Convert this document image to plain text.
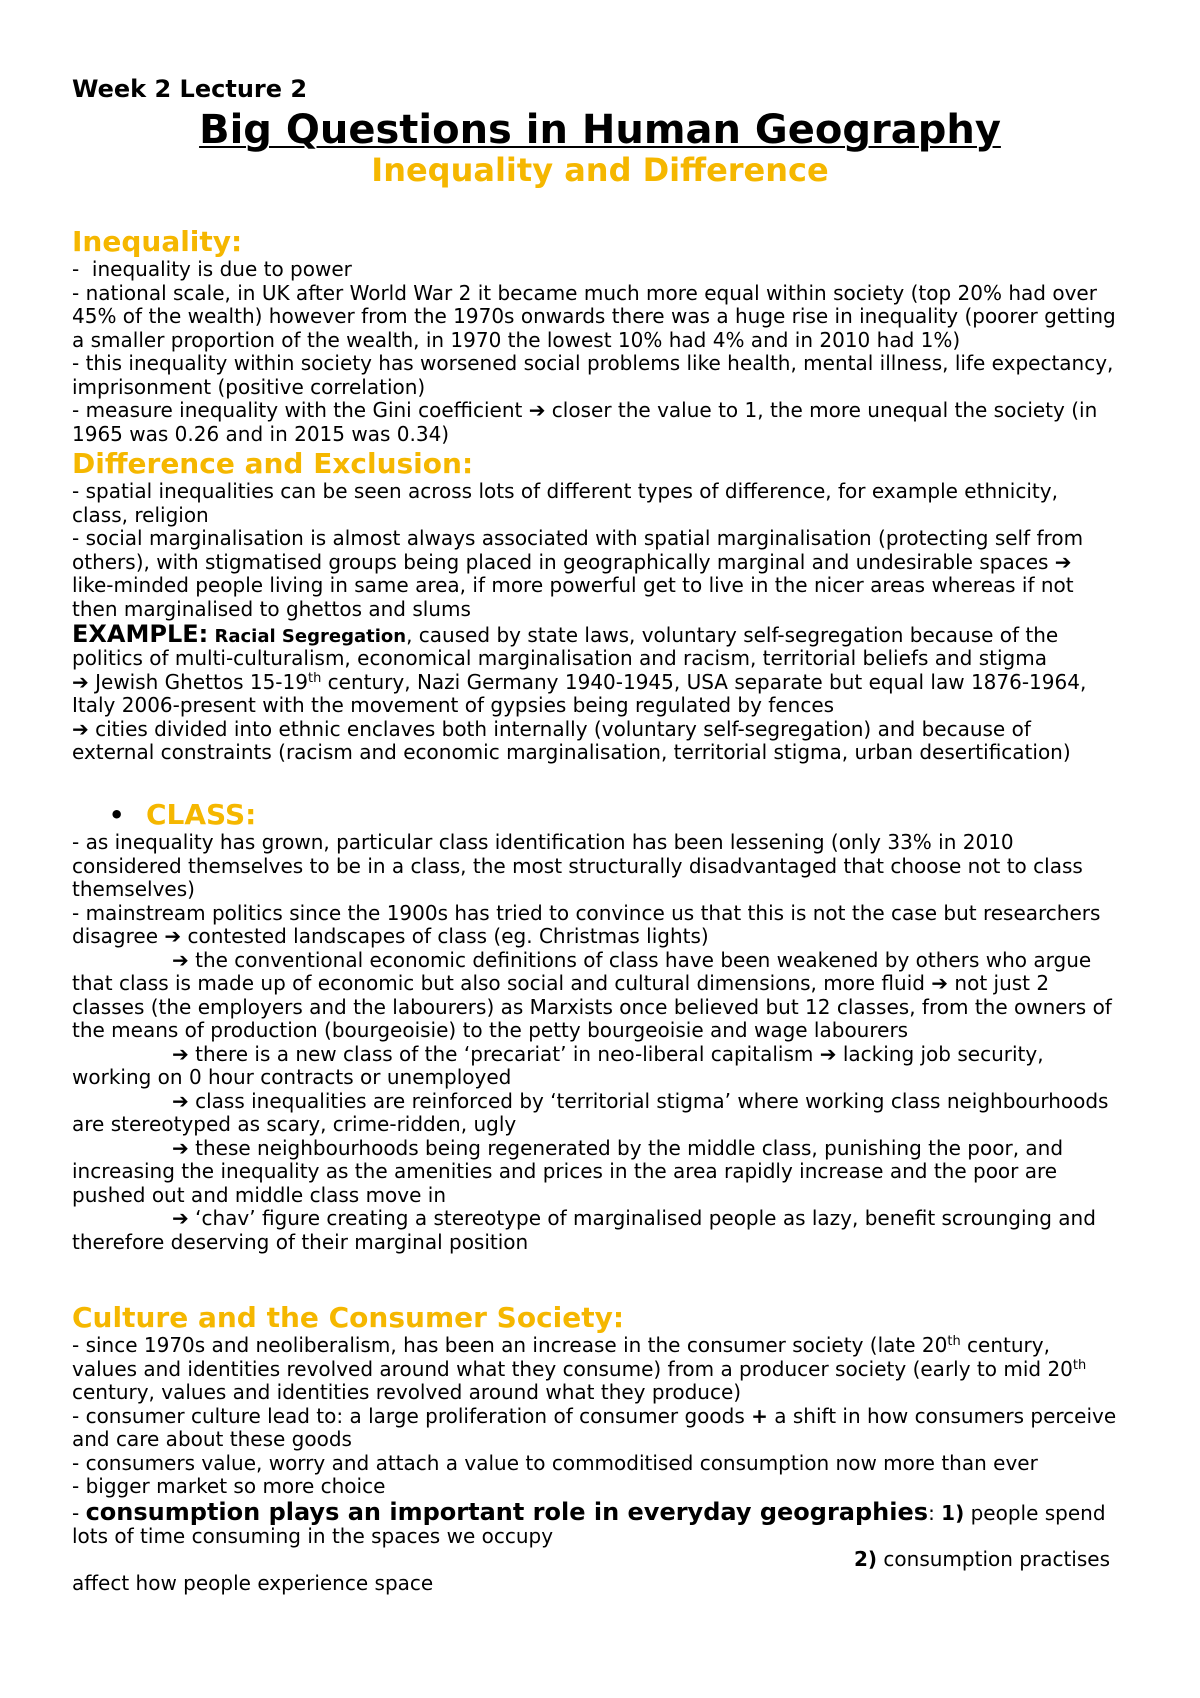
Week 2 Lecture 2
Big Questions in Human Geography
Inequality and Difference
Inequality:
-  inequality is due to power
- national scale, in UK after World War 2 it became much more equal within society (top 20% had over
45% of the wealth) however from the 1970s onwards there was a huge rise in inequality (poorer getting
a smaller proportion of the wealth, in 1970 the lowest 10% had 4% and in 2010 had 1%)
- this inequality within society has worsened social problems like health, mental illness, life expectancy,
imprisonment (positive correlation)
- measure inequality with the Gini coefficient ➔ closer the value to 1, the more unequal the society (in
1965 was 0.26 and in 2015 was 0.34)
Difference and Exclusion:
- spatial inequalities can be seen across lots of different types of difference, for example ethnicity,
class, religion
- social marginalisation is almost always associated with spatial marginalisation (protecting self from
others), with stigmatised groups being placed in geographically marginal and undesirable spaces ➔
like-minded people living in same area, if more powerful get to live in the nicer areas whereas if not
then marginalised to ghettos and slums
EXAMPLE: Racial Segregation, caused by state laws, voluntary self-segregation because of the
politics of multi-culturalism, economical marginalisation and racism, territorial beliefs and stigma
➔ Jewish Ghettos 15-19th century, Nazi Germany 1940-1945, USA separate but equal law 1876-1964,
Italy 2006-present with the movement of gypsies being regulated by fences
➔ cities divided into ethnic enclaves both internally (voluntary self-segregation) and because of
external constraints (racism and economic marginalisation, territorial stigma, urban desertification)
• CLASS:
- as inequality has grown, particular class identification has been lessening (only 33% in 2010
considered themselves to be in a class, the most structurally disadvantaged that choose not to class
themselves)
- mainstream politics since the 1900s has tried to convince us that this is not the case but researchers
disagree ➔ contested landscapes of class (eg. Christmas lights)
➔ the conventional economic definitions of class have been weakened by others who argue
that class is made up of economic but also social and cultural dimensions, more fluid ➔ not just 2
classes (the employers and the labourers) as Marxists once believed but 12 classes, from the owners of
the means of production (bourgeoisie) to the petty bourgeoisie and wage labourers
➔ there is a new class of the ‘precariat’ in neo-liberal capitalism ➔ lacking job security,
working on 0 hour contracts or unemployed
➔ class inequalities are reinforced by ‘territorial stigma’ where working class neighbourhoods
are stereotyped as scary, crime-ridden, ugly
➔ these neighbourhoods being regenerated by the middle class, punishing the poor, and
increasing the inequality as the amenities and prices in the area rapidly increase and the poor are
pushed out and middle class move in
➔ ‘chav’ figure creating a stereotype of marginalised people as lazy, benefit scrounging and
therefore deserving of their marginal position
Culture and the Consumer Society:
- since 1970s and neoliberalism, has been an increase in the consumer society (late 20th century,
values and identities revolved around what they consume) from a producer society (early to mid 20th
century, values and identities revolved around what they produce)
- consumer culture lead to: a large proliferation of consumer goods + a shift in how consumers perceive
and care about these goods
- consumers value, worry and attach a value to commoditised consumption now more than ever
- bigger market so more choice
- consumption plays an important role in everyday geographies: 1) people spend
lots of time consuming in the spaces we occupy
2) consumption practises
affect how people experience space
